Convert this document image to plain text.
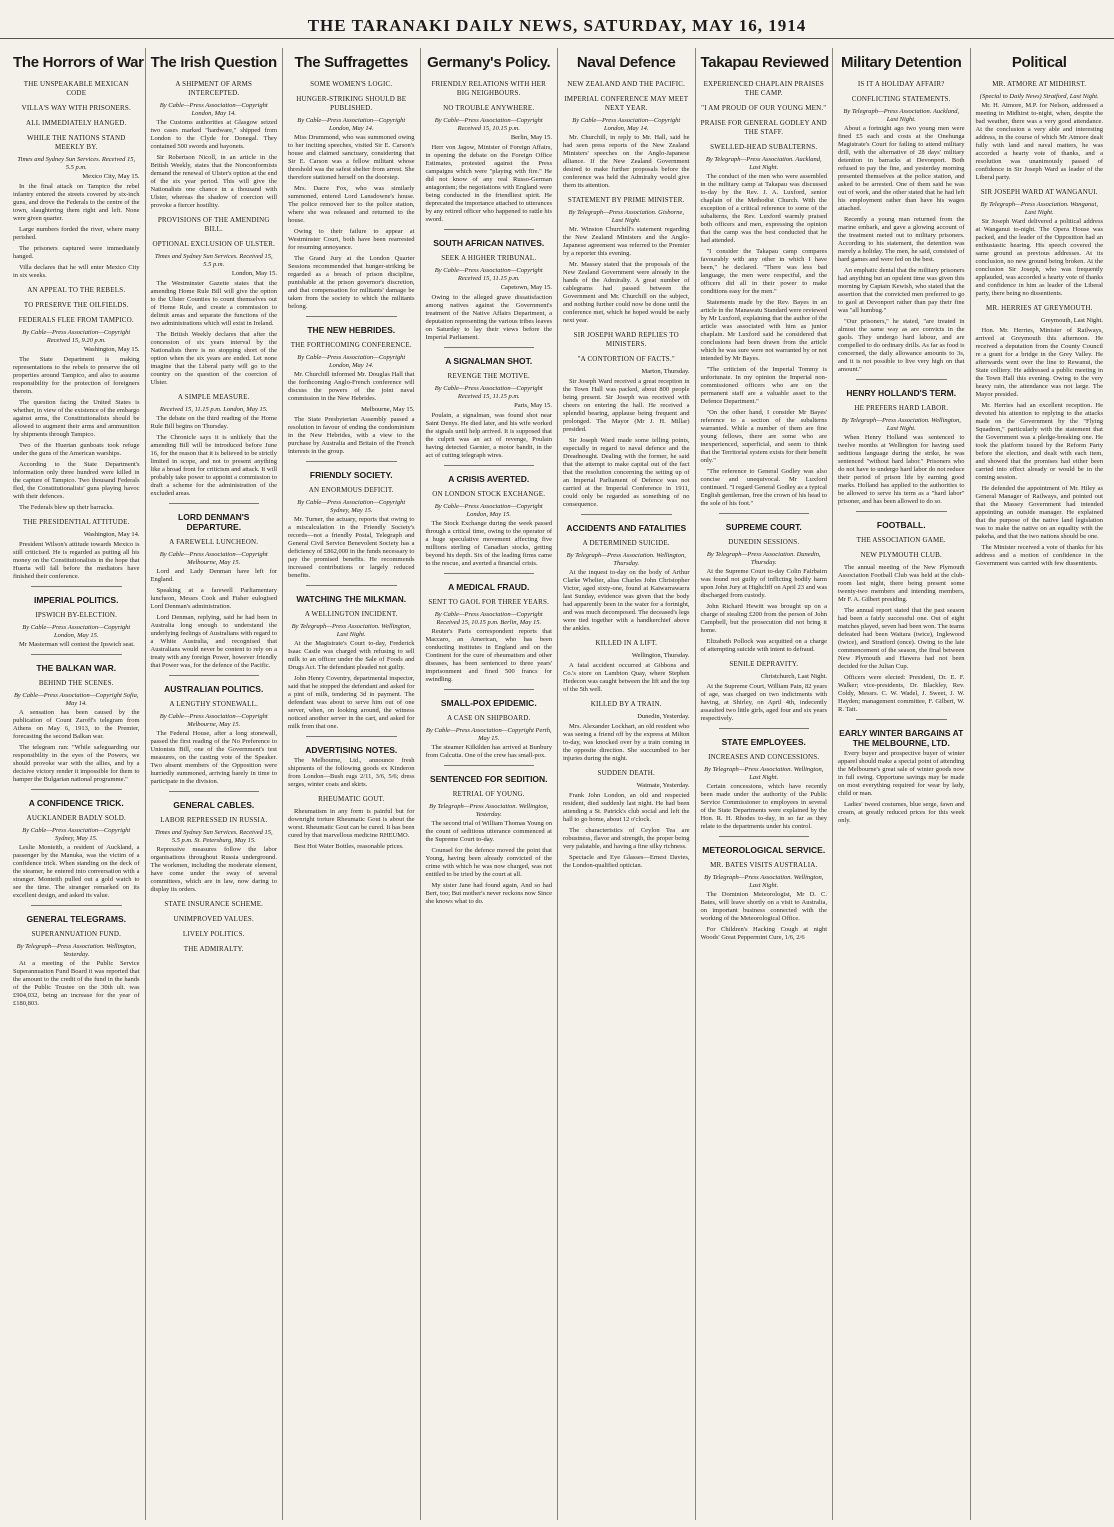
THE TARANAKI DAILY NEWS, SATURDAY, MAY 16, 1914
The Horrors of War
THE UNSPEAKABLE MEXICAN CODE
VILLA'S WAY WITH PRISONERS.
ALL IMMEDIATELY HANGED.
WHILE THE NATIONS STAND MEEKLY BY.
Times and Sydney Sun Services. Received 15, 5.5 p.m.
Mexico City, May 15.
In the final attack on Tampico the rebel infantry entered the streets covered by six-inch guns, and drove the Federals to the centre of the town, slaughtering them right and left. None were given quarter.
Large numbers forded the river, where many perished.
The prisoners captured were immediately hanged.
Villa declares that he will enter Mexico City in six weeks.
AN APPEAL TO THE REBELS.
TO PRESERVE THE OILFIELDS.
FEDERALS FLEE FROM TAMPICO.
By Cable—Press Association—Copyright Received 15, 9.20 p.m.
Washington, May 15.
The State Department is making representations to the rebels to preserve the oil properties around Tampico, and also to assume responsibility for the protection of foreigners therein.
The question facing the United States is whether, in view of the existence of the embargo against arms, the Constitutionalists should be allowed to augment their arms and ammunition by shipments through Tampico.
Two of the Huertan gunboats took refuge under the guns of the American warships.
According to the State Department's information only three hundred were killed in the capture of Tampico. Two thousand Federals fled, the Constitutionalists' guns playing havoc with their defences.
The Federals blew up their barracks.
THE PRESIDENTIAL ATTITUDE.
Washington, May 14.
President Wilson's attitude towards Mexico is still criticised. He is regarded as putting all his money on the Constitutionalists in the hope that Huerta will fall before the mediators have finished their conference.
IMPERIAL POLITICS.
IPSWICH BY-ELECTION.
By Cable—Press Association—Copyright London, May 15.
Mr Masterman will contest the Ipswich seat.
THE BALKAN WAR.
BEHIND THE SCENES.
By Cable—Press Association—Copyright Sofia, May 14.
A sensation has been caused by the publication of Count Zaroff's telegram from Athens on May 6, 1913, to the Premier, forecasting the second Balkan war.
The telegram ran: "While safeguarding our responsibility in the eyes of the Powers, we should provoke war with the allies, and by a decisive victory render it impossible for them to hamper the Bulgarian national programme."
A CONFIDENCE TRICK.
AUCKLANDER BADLY SOLD.
By Cable—Press Association—Copyright Sydney, May 15.
Leslie Monteith, a resident of Auckland, a passenger by the Manuka, was the victim of a confidence trick. When standing on the deck of the steamer, he entered into conversation with a stranger. Monteith pulled out a gold watch to see the time. The stranger remarked on its excellent design, and asked its value.
GENERAL TELEGRAMS.
SUPERANNUATION FUND.
By Telegraph—Press Association. Wellington, Yesterday.
At a meeting of the Public Service Superannuation Fund Board it was reported that the amount to the credit of the fund in the hands of the Public Trustee on the 30th ult. was £904,032, being an increase for the year of £180,803.
The Irish Question
A SHIPMENT OF ARMS INTERCEPTED.
By Cable—Press Association—Copyright London, May 14.
The Customs authorities at Glasgow seized two cases marked "hardware," shipped from London to the Clyde for Donegal. They contained 500 swords and bayonets.
Sir Robertson Nicoll, in an article in the British Weekly, states that the Nonconformists demand the renewal of Ulster's option at the end of the six year period. This will give the Nationalists one chance in a thousand with Ulster, whereas the shadow of coercion will provoke a fiercer hostility.
PROVISIONS OF THE AMENDING BILL.
OPTIONAL EXCLUSION OF ULSTER.
Times and Sydney Sun Services. Received 15, 5.5 p.m.
London, May 15.
The Westminster Gazette states that the amending Home Rule Bill will give the option to the Ulster Counties to count themselves out of Home Rule, and create a commission to delimit areas and separate the functions of the two administrations which will exist in Ireland.
The British Weekly declares that after the concession of six years interval by the Nationalists there is no stopping short of the option when the six years are ended. Let none imagine that the Liberal party will go to the country on the question of the coercion of Ulster.
A SIMPLE MEASURE.
Received 15, 11.15 p.m. London, May 15.
The debate on the third reading of the Home Rule Bill begins on Thursday.
The Chronicle says it is unlikely that the amending Bill will be introduced before June 16, for the reason that it is believed to be strictly limited in scope, and not to present anything like a broad front for criticism and attack. It will probably take power to appoint a commission to draft a scheme for the administration of the excluded areas.
LORD DENMAN'S DEPARTURE.
A FAREWELL LUNCHEON.
By Cable—Press Association—Copyright Melbourne, May 15.
Lord and Lady Denman have left for England.
Speaking at a farewell Parliamentary luncheon, Messrs Cook and Fisher eulogised Lord Denman's administration.
Lord Denman, replying, said he had been in Australia long enough to understand the underlying feelings of Australians with regard to a White Australia, and recognised that Australians would never be content to rely on a treaty with any foreign Power, however friendly that Power was, for the defence of the Pacific.
AUSTRALIAN POLITICS.
A LENGTHY STONEWALL.
By Cable—Press Association—Copyright Melbourne, May 15.
The Federal House, after a long stonewall, passed the first reading of the No Preference to Unionists Bill, one of the Government's test measures, on the casting vote of the Speaker. Two absent members of the Opposition were hurriedly summoned, arriving barely in time to participate in the division.
GENERAL CABLES.
LABOR REPRESSED IN RUSSIA.
Times and Sydney Sun Services. Received 15, 5.5 p.m. St. Petersburg, May 15.
Repressive measures follow the labor organisations throughout Russia underground. The workmen, including the moderate element, have come under the sway of several committees, which are in law, now daring to display its orders.
STATE INSURANCE SCHEME.
UNIMPROVED VALUES.
LIVELY POLITICS.
THE ADMIRALTY.
The Suffragettes
SOME WOMEN'S LOGIC.
HUNGER-STRIKING SHOULD BE PUBLISHED.
By Cable—Press Association—Copyright London, May 14.
Miss Drummond, who was summoned owing to her inciting speeches, visited Sir E. Carson's house and claimed sanctuary, considering that Sir E. Carson was a fellow militant whose threshold was the safest shelter from arrest. She therefore stationed herself on the doorstep.
Mrs. Dacre Fox, who was similarly summoned, entered Lord Lansdowne's house. The police removed her to the police station, where she was released and returned to the house.
Owing to their failure to appear at Westminster Court, both have been rearrested for resuming annoyance.
The Grand Jury at the London Quarter Sessions recommended that hunger-striking be regarded as a breach of prison discipline, punishable at the prison governor's discretion, and that compensation for militants' damage be taken from the society to which the militants belong.
THE NEW HEBRIDES.
THE FORTHCOMING CONFERENCE.
By Cable—Press Association—Copyright London, May 14.
Mr. Churchill informed Mr. Douglas Hall that the forthcoming Anglo-French conference will discuss the powers of the joint naval commission in the New Hebrides.
Melbourne, May 15.
The State Presbyterian Assembly passed a resolution in favour of ending the condominium in the New Hebrides, with a view to the purchase by Australia and Britain of the French interests in the group.
FRIENDLY SOCIETY.
AN ENORMOUS DEFICIT.
By Cable—Press Association—Copyright Sydney, May 15.
Mr. Turner, the actuary, reports that owing to a miscalculation in the Friendly Society's records—not a friendly Postal, Telegraph and General Civil Service Benevolent Society has a deficiency of £862,000 in the funds necessary to pay the promised benefits. He recommends increased contributions or largely reduced benefits.
WATCHING THE MILKMAN.
A WELLINGTON INCIDENT.
By Telegraph—Press Association. Wellington, Last Night.
At the Magistrate's Court to-day, Frederick Isaac Castle was charged with refusing to sell milk to an officer under the Sale of Foods and Drugs Act. The defendant pleaded not guilty.
John Henry Coventry, departmental inspector, said that he stopped the defendant and asked for a pint of milk, tendering 3d in payment. The defendant was about to serve him out of one server, when, on looking around, the witness noticed another server in the cart, and asked for milk from that one.
ADVERTISING NOTES.
The Melbourne, Ltd., announce fresh shipments of the following goods ex Kinderon from London—Bush rugs 2/11, 3/6, 5/6; dress serges, winter coats and skirts.
RHEUMATIC GOUT.
Rheumatism in any form is painful but for downright torture Rheumatic Gout is about the worst. Rheumatic Gout can be cured. It has been cured by that marvellous medicine RHEUMO.
Best Hot Water Bottles, reasonable prices.
Germany's Policy.
FRIENDLY RELATIONS WITH HER BIG NEIGHBOURS.
NO TROUBLE ANYWHERE.
By Cable—Press Association—Copyright Received 15, 10.15 p.m.
Berlin, May 15.
Herr von Jagow, Minister of Foreign Affairs, in opening the debate on the Foreign Office Estimates, protested against the Press campaigns which were "playing with fire." He did not know of any real Russo-German antagonism; the negotiations with England were being conducted in the friendliest spirit. He deprecated the importance attached to utterances by any retired officer who happened to rattle his sword.
SOUTH AFRICAN NATIVES.
SEEK A HIGHER TRIBUNAL.
By Cable—Press Association—Copyright Received 15, 11.15 p.m.
Capetown, May 15.
Owing to the alleged grave dissatisfaction among natives against the Government's treatment of the Native Affairs Department, a deputation representing the various tribes leaves on Saturday to lay their views before the Imperial Parliament.
A SIGNALMAN SHOT.
REVENGE THE MOTIVE.
By Cable—Press Association—Copyright Received 15, 11.15 p.m.
Paris, May 15.
Poulain, a signalman, was found shot near Saint Denys. He died later, and his wife worked the signals until help arrived. It is supposed that the culprit was an act of revenge, Poulain having detected Garnier, a motor bandit, in the act of cutting telegraph wires.
A CRISIS AVERTED.
ON LONDON STOCK EXCHANGE.
By Cable—Press Association—Copyright London, May 15.
The Stock Exchange during the week passed through a critical time, owing to the operator of a huge speculative movement affecting five millions sterling of Canadian stocks, getting beyond his depth. Six of the leading firms came to the rescue, and averted a financial crisis.
A MEDICAL FRAUD.
SENT TO GAOL FOR THREE YEARS.
By Cable—Press Association—Copyright Received 15, 10.15 p.m. Berlin, May 15.
Reuter's Paris correspondent reports that Maccaro, an American, who has been conducting institutes in England and on the Continent for the cure of rheumatism and other diseases, has been sentenced to three years' imprisonment and fined 500 francs for swindling.
SMALL-POX EPIDEMIC.
A CASE ON SHIPBOARD.
By Cable—Press Association—Copyright Perth, May 15.
The steamer Kilkilden has arrived at Bunbury from Calcutta. One of the crew has small-pox.
SENTENCED FOR SEDITION.
RETRIAL OF YOUNG.
By Telegraph—Press Association. Wellington, Yesterday.
The second trial of William Thomas Young on the count of seditious utterance commenced at the Supreme Court to-day.
Counsel for the defence moved the point that Young, having been already convicted of the crime with which he was now charged, was not entitled to be tried by the court at all.
My sister Jane had found again, And so had Bert, too; But mother's never reckons now Since she knows what to do.
Naval Defence
NEW ZEALAND AND THE PACIFIC.
IMPERIAL CONFERENCE MAY MEET NEXT YEAR.
By Cable—Press Association—Copyright London, May 14.
Mr. Churchill, in reply to Mr. Hall, said he had seen press reports of the New Zealand Ministers' speeches on the Anglo-Japanese alliance. If the New Zealand Government desired to make further proposals before the conference was held the Admiralty would give them its attention.
STATEMENT BY PRIME MINISTER.
By Telegraph—Press Association. Gisborne, Last Night.
Mr. Winston Churchill's statement regarding the New Zealand Ministers and the Anglo-Japanese agreement was referred to the Premier by a reporter this evening.
Mr. Massey stated that the proposals of the New Zealand Government were already in the hands of the Admiralty. A great number of cablegrams had passed between the Government and Mr. Churchill on the subject, and nothing further could now be done until the conference met, which he hoped would be early next year.
SIR JOSEPH WARD REPLIES TO MINISTERS.
"A CONTORTION OF FACTS."
Marton, Thursday.
Sir Joseph Ward received a great reception in the Town Hall was packed, about 800 people being present. Sir Joseph was received with cheers on entering the hall. He received a splendid hearing, applause being frequent and prolonged. The Mayor (Mr J. H. Millar) presided.
Sir Joseph Ward made some telling points, especially in regard to naval defence and the Dreadnought. Dealing with the former, he said that the attempt to make capital out of the fact that the resolution concerning the setting up of an Imperial Parliament of Defence was not carried at the Imperial Conference in 1911, could only be regarded as something of no consequence.
ACCIDENTS AND FATALITIES
A DETERMINED SUICIDE.
By Telegraph—Press Association. Wellington, Thursday.
At the inquest to-day on the body of Arthur Clarke Whelier, alias Charles John Christopher Victor, aged sixty-one, found at Kaiwarrawarra last Sunday, evidence was given that the body had apparently been in the water for a fortnight, and was much decomposed. The deceased's legs were tied together with a handkerchief above the ankles.
KILLED IN A LIFT.
Wellington, Thursday.
A fatal accident occurred at Gibbons and Co.'s store on Lambton Quay, where Stephen Hedecon was caught between the lift and the top of the 5th well.
KILLED BY A TRAIN.
Dunedin, Yesterday.
Mrs. Alexander Lockhart, an old resident who was seeing a friend off by the express at Milton to-day, was knocked over by a train coming in the opposite direction. She succumbed to her injuries during the night.
SUDDEN DEATH.
Waimate, Yesterday.
Frank John London, an old and respected resident, died suddenly last night. He had been attending a St. Patrick's club social and left the hall to go home, about 12 o'clock.
The characteristics of Ceylon Tea are robustness, flavor and strength, the proper being very palatable, and having a fine silky richness.
Spectacle and Eye Glasses—Ernest Davies, the London-qualified optician.
Takapau Reviewed
EXPERIENCED CHAPLAIN PRAISES THE CAMP.
"I AM PROUD OF OUR YOUNG MEN."
PRAISE FOR GENERAL GODLEY AND THE STAFF.
SWELLED-HEAD SUBALTERNS.
By Telegraph—Press Association. Auckland, Last Night.
The conduct of the men who were assembled in the military camp at Takapau was discussed to-day by the Rev. J. A. Luxford, senior chaplain of the Methodist Church. With the exception of a critical reference to some of the subalterns, the Rev. Luxford warmly praised both officers and men, expressing the opinion that the camp was the best conducted that he had attended.
"I consider the Takapau camp compares favourably with any other in which I have been," he declared. "There was less bad language, the men were respectful, and the officers did all in their power to make conditions easy for the men."
Statements made by the Rev. Bayes in an article in the Manawatu Standard were reviewed by Mr Luxford, explaining that the author of the article was associated with him as junior chaplain. Mr Luxford said he considered that conclusions had been drawn from the article which he was sure were not warranted by or not intended by Mr Bayes.
"The criticism of the Imperial Tommy is unfortunate. In my opinion the Imperial non-commissioned officers who are on the permanent staff are a valuable asset to the Defence Department."
"On the other hand, I consider Mr Bayes' reference to a section of the subalterns warranted. While a number of them are fine young fellows, there are some who are inexperienced, superficial, and seem to think that the Territorial system exists for their benefit only."
"The reference to General Godley was also concise and unequivocal. Mr Luxford continued. "I regard General Godley as a typical English gentleman, free the crown of his head to the sole of his foot."
SUPREME COURT.
DUNEDIN SESSIONS.
By Telegraph—Press Association. Dunedin, Thursday.
At the Supreme Court to-day Colin Fairbairn was found not guilty of inflicting bodily harm upon John Jury at Highcliff on April 23 and was discharged from custody.
John Richard Hewitt was brought up on a charge of stealing £200 from the person of John Campbell, but the prosecution did not bring it home.
Elizabeth Pollock was acquitted on a charge of attempting suicide with intent to defraud.
SENILE DEPRAVITY.
Christchurch, Last Night.
At the Supreme Court, William Pain, 82 years of age, was charged on two indictments with having, at Shirley, on April 4th, indecently assaulted two little girls, aged four and six years respectively.
STATE EMPLOYEES.
INCREASES AND CONCESSIONS.
By Telegraph—Press Association. Wellington, Last Night.
Certain concessions, which have recently been made under the authority of the Public Service Commissioner to employees in several of the State Departments were explained by the Hon. R. H. Rhodes to-day, in so far as they relate to the departments under his control.
METEOROLOGICAL SERVICE.
MR. BATES VISITS AUSTRALIA.
By Telegraph—Press Association. Wellington, Last Night.
The Dominion Meteorologist, Mr D. C. Bates, will leave shortly on a visit to Australia, on important business connected with the working of the Meteorological Office.
For Children's Hacking Cough at night Woods' Great Peppermint Cure, 1/6, 2/6
Military Detention
IS IT A HOLIDAY AFFAIR?
CONFLICTING STATEMENTS.
By Telegraph—Press Association. Auckland, Last Night.
About a fortnight ago two young men were fined £5 each and costs at the Onehunga Magistrate's Court for failing to attend military drill, with the alternative of 28 days' military detention in barracks at Devonport. Both refused to pay the fine, and yesterday morning presented themselves at the police station, and asked to be arrested. One of them said he was out of work, and the other stated that he had left his employment rather than have his wages attached.
Recently a young man returned from the marine embark, and gave a glowing account of the treatment meted out to military prisoners. According to his statement, the detention was merely a holiday. The men, he said, consisted of hard games and were fed on the best.
An emphatic denial that the military prisoners had anything but an opulent time was given this morning by Captain Kewish, who stated that the assertion that the convicted men preferred to go to gaol at Devonport rather than pay their fine was "all humbug."
"Our prisoners," he stated, "are treated in almost the same way as are convicts in the gaols. They undergo hard labour, and are compelled to do ordinary drills. As far as food is concerned, the daily allowance amounts to 3s, and it is not possible to live very high on that amount."
HENRY HOLLAND'S TERM.
HE PREFERS HARD LABOR.
By Telegraph—Press Association. Wellington, Last Night.
When Henry Holland was sentenced to twelve months at Wellington for having used seditious language during the strike, he was sentenced "without hard labor." Prisoners who do not have to undergo hard labor do not reduce their period of prison life by earning good marks. Holland has applied to the authorities to be allowed to serve his term as a "hard labor" prisoner, and has been allowed to do so.
FOOTBALL.
THE ASSOCIATION GAME.
NEW PLYMOUTH CLUB.
The annual meeting of the New Plymouth Association Football Club was held at the club-room last night, there being present some twenty-two members and intending members, Mr F. A. Gilbert presiding.
The annual report stated that the past season had been a fairly successful one. Out of eight matches played, seven had been won. The teams defeated had been Waitara (twice), Inglewood (twice), and Stratford (once). Owing to the late commencement of the season, the final between New Plymouth and Hawera had not been decided for the Julian Cup.
Officers were elected: President, Dr. E. F. Walker; vice-presidents, Dr. Blackley, Rev. Coldy, Messrs. C. W. Wadel, J. Sweet, J. W. Hayden; management committee, F. Gilbert, W. R. Tait.
EARLY WINTER BARGAINS AT THE MELBOURNE, LTD.
Every buyer and prospective buyer of winter apparel should make a special point of attending the Melbourne's great sale of winter goods now in full swing. Opportune savings may be made on most everything required for wear by lady, child or man.
Ladies' tweed costumes, blue serge, fawn and cream, at greatly reduced prices for this week only.
Political
MR. ATMORE AT MIDHIRST.
(Special to Daily News) Stratford, Last Night.
Mr. H. Atmore, M.P. for Nelson, addressed a meeting in Midhirst to-night, when, despite the bad weather, there was a very good attendance. At the conclusion a very able and interesting address, in the course of which Mr Atmore dealt fully with land and naval matters, he was accorded a hearty vote of thanks, and a resolution was unanimously passed of confidence in Sir Joseph Ward as leader of the Liberal party.
SIR JOSEPH WARD AT WANGANUI.
By Telegraph—Press Association. Wanganui, Last Night.
Sir Joseph Ward delivered a political address at Wanganui to-night. The Opera House was packed, and the leader of the Opposition had an enthusiastic hearing. His speech covered the same ground as previous addresses. At its conclusion, no new ground being broken. At the conclusion Sir Joseph, who was frequently applauded, was accorded a hearty vote of thanks and confidence in him as leader of the Liberal party, there being no dissentients.
MR. HERRIES AT GREYMOUTH.
Greymouth, Last Night.
Hon. Mr. Herries, Minister of Railways, arrived at Greymouth this afternoon. He received a deputation from the County Council re a grant for a bridge in the Grey Valley. He afterwards went over the line to Rewanui, the State colliery. He addressed a public meeting in the Town Hall this evening. Owing to the very heavy rain, the attendance was not large. The Mayor presided.
Mr. Herries had an excellent reception. He devoted his attention to replying to the attacks made on the Government by the "Flying Squadron," particularly with the statement that the Government was a pledge-breaking one. He took the platform issued by the Reform Party before the election, and dealt with each item, and showed that the promises had either been carried into effect already or would be in the coming session.
He defended the appointment of Mr. Hiley as General Manager of Railways, and pointed out that the Massey Government had intended appointing an outside manager. He explained that the purpose of the native land legislation was to make the native on an equality with the pakeha, and that the two nations should be one.
The Minister received a vote of thanks for his address and a motion of confidence in the Government was carried with few dissentients.
